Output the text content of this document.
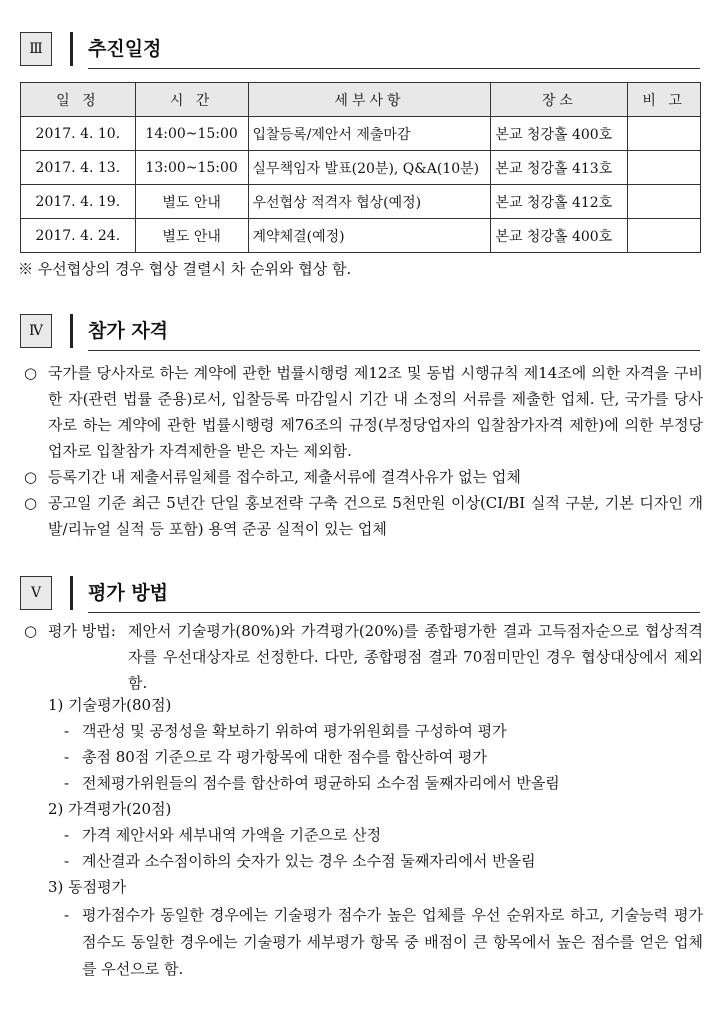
Ⅲ	추진일정
일 정	시 간	세부사항	장소	비 고
2017. 4. 10.	14:00~15:00	입찰등록/제안서 제출마감	본교 청강홀 400호	
2017. 4. 13.	13:00~15:00	실무책임자 발표(20분), Q&A(10분)	본교 청강홀 413호	
2017. 4. 19.	별도 안내	우선협상 적격자 협상(예정)	본교 청강홀 412호	
2017. 4. 24.	별도 안내	계약체결(예정)	본교 청강홀 400호	
※ 우선협상의 경우 협상 결렬시 차 순위와 협상 함.
Ⅳ	참가 자격
○ 국가를 당사자로 하는 계약에 관한 법률시행령 제12조 및 동법 시행규칙 제14조에 의한 자격을 구비한 자(관련 법률 준용)로서, 입찰등록 마감일시 기간 내 소정의 서류를 제출한 업체. 단, 국가를 당사자로 하는 계약에 관한 법률시행령 제76조의 규정(부정당업자의 입찰참가자격 제한)에 의한 부정당업자로 입찰참가 자격제한을 받은 자는 제외함.
○ 등록기간 내 제출서류일체를 접수하고, 제출서류에 결격사유가 없는 업체
○ 공고일 기준 최근 5년간 단일 홍보전략 구축 건으로 5천만원 이상(CI/BI 실적 구분, 기본 디자인 개발/리뉴얼 실적 등 포함) 용역 준공 실적이 있는 업체
Ⅴ	평가 방법
○ 평가 방법: 제안서 기술평가(80%)와 가격평가(20%)를 종합평가한 결과 고득점자순으로 협상적격자를 우선대상자로 선정한다. 다만, 종합평점 결과 70점미만인 경우 협상대상에서 제외함.
1) 기술평가(80점)
- 객관성 및 공정성을 확보하기 위하여 평가위원회를 구성하여 평가
- 총점 80점 기준으로 각 평가항목에 대한 점수를 합산하여 평가
- 전체평가위원들의 점수를 합산하여 평균하되 소수점 둘째자리에서 반올림
2) 가격평가(20점)
- 가격 제안서와 세부내역 가액을 기준으로 산정
- 계산결과 소수점이하의 숫자가 있는 경우 소수점 둘째자리에서 반올림
3) 동점평가
- 평가점수가 동일한 경우에는 기술평가 점수가 높은 업체를 우선 순위자로 하고, 기술능력 평가점수도 동일한 경우에는 기술평가 세부평가 항목 중 배점이 큰 항목에서 높은 점수를 얻은 업체를 우선으로 함.
